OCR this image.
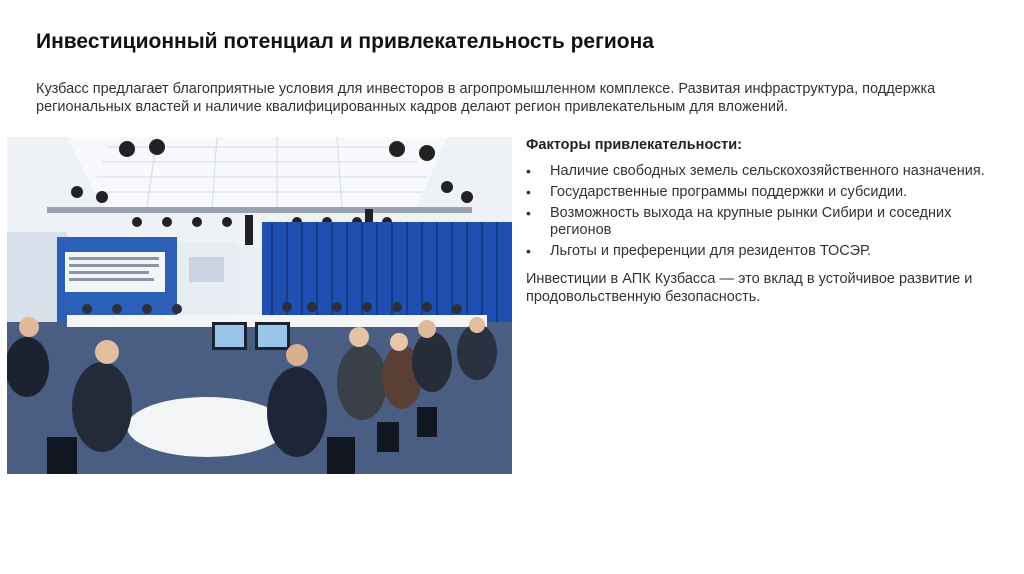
Инвестиционный потенциал и привлекательность региона
Кузбасс предлагает благоприятные условия для инвесторов в агропромышленном комплексе. Развитая инфраструктура, поддержка региональных властей и наличие квалифицированных кадров делают регион привлекательным для вложений.
Факторы привлекательности:
• Наличие свободных земель сельскохозяйственного назначения.
• Государственные программы поддержки и субсидии.
• Возможность выхода на крупные рынки Сибири и соседних регионов
• Льготы и преференции для резидентов ТОСЭР.
Инвестиции в АПК Кузбасса — это вклад в устойчивое развитие и продовольственную безопасность.
